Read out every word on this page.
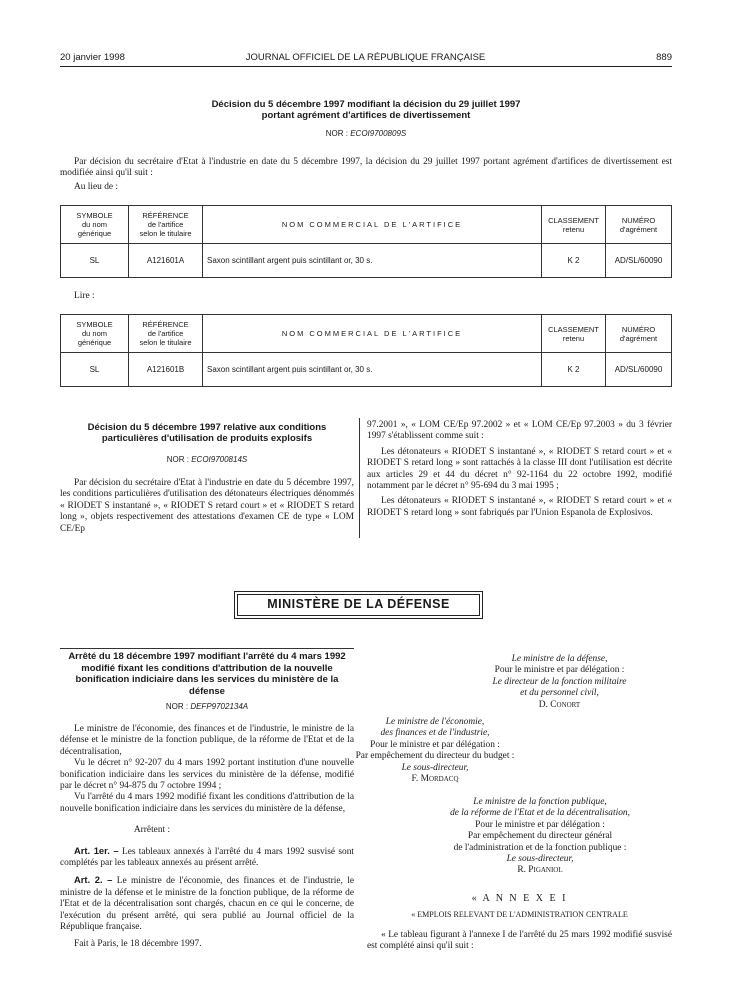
20 janvier 1998	JOURNAL OFFICIEL DE LA RÉPUBLIQUE FRANÇAISE	889
Décision du 5 décembre 1997 modifiant la décision du 29 juillet 1997
portant agrément d'artifices de divertissement
NOR : ECOI9700809S

Par décision du secrétaire d'Etat à l'industrie en date du 5 décembre 1997, la décision du 29 juillet 1997 portant agrément d'artifices de divertissement est modifiée ainsi qu'il suit :

Au lieu de :
SYMBOLE
du nom
générique	RÉFÉRENCE
de l'artifice
selon le titulaire	NOM COMMERCIAL DE L'ARTIFICE	CLASSEMENT
retenu	NUMÉRO
d'agrément
SL	A121601A	Saxon scintillant argent puis scintillant or, 30 s.	K 2	AD/SL/60090
Lire :
SYMBOLE
du nom
générique	RÉFÉRENCE
de l'artifice
selon le titulaire	NOM COMMERCIAL DE L'ARTIFICE	CLASSEMENT
retenu	NUMÉRO
d'agrément
SL	A121601B	Saxon scintillant argent puis scintillant or, 30 s.	K 2	AD/SL/60090
Décision du 5 décembre 1997 relative aux conditions
particulières d'utilisation de produits explosifs
NOR : ECOI9700814S

Par décision du secrétaire d'Etat à l'industrie en date du 5 décembre 1997, les conditions particulières d'utilisation des détonateurs électriques dénommés « RIODET S instantané », « RIODET S retard court » et « RIODET S retard long », objets respectivement des attestations d'examen CE de type « LOM CE/Ep

97.2001 », « LOM CE/Ep 97.2002 » et « LOM CE/Ep 97.2003 » du 3 février 1997 s'établissent comme suit :

Les détonateurs « RIODET S instantané », « RIODET S retard court » et « RIODET S retard long » sont rattachés à la classe III dont l'utilisation est décrite aux articles 29 et 44 du décret n° 92-1164 du 22 octobre 1992, modifié notamment par le décret n° 95-694 du 3 mai 1995 ;

Les détonateurs « RIODET S instantané », « RIODET S retard court » et « RIODET S retard long » sont fabriqués par l'Union Espanola de Explosivos.

MINISTÈRE DE LA DÉFENSE
Arrêté du 18 décembre 1997 modifiant l'arrêté du 4 mars 1992 modifié fixant les conditions d'attribution de la nouvelle bonification indiciaire dans les services du ministère de la défense
NOR : DEFP9702134A

Le ministre de l'économie, des finances et de l'industrie, le ministre de la défense et le ministre de la fonction publique, de la réforme de l'Etat et de la décentralisation,

Vu le décret n° 92-207 du 4 mars 1992 portant institution d'une nouvelle bonification indiciaire dans les services du ministère de la défense, modifié par le décret n° 94-875 du 7 octobre 1994 ;

Vu l'arrêté du 4 mars 1992 modifié fixant les conditions d'attribution de la nouvelle bonification indiciaire dans les services du ministère de la défense,

Arrêtent :

Art. 1er. – Les tableaux annexés à l'arrêté du 4 mars 1992 susvisé sont complétés par les tableaux annexés au présent arrêté.

Art. 2. – Le ministre de l'économie, des finances et de l'industrie, le ministre de la défense et le ministre de la fonction publique, de la réforme de l'Etat et de la décentralisation sont chargés, chacun en ce qui le concerne, de l'exécution du présent arrêté, qui sera publié au Journal officiel de la République française.

Fait à Paris, le 18 décembre 1997.

Le ministre de la défense,
Pour le ministre et par délégation :
Le directeur de la fonction militaire
et du personnel civil,
D. Conort
Le ministre de l'économie,
des finances et de l'industrie,
Pour le ministre et par délégation :
Par empêchement du directeur du budget :
Le sous-directeur,
F. Mordacq
Le ministre de la fonction publique,
de la réforme de l'Etat et de la décentralisation,
Pour le ministre et par délégation :
Par empêchement du directeur général
de l'administration et de la fonction publique :
Le sous-directeur,
R. Piganiol
« A N N E X E I
« EMPLOIS RELEVANT DE L'ADMINISTRATION CENTRALE

« Le tableau figurant à l'annexe I de l'arrêté du 25 mars 1992 modifié susvisé est complété ainsi qu'il suit :
